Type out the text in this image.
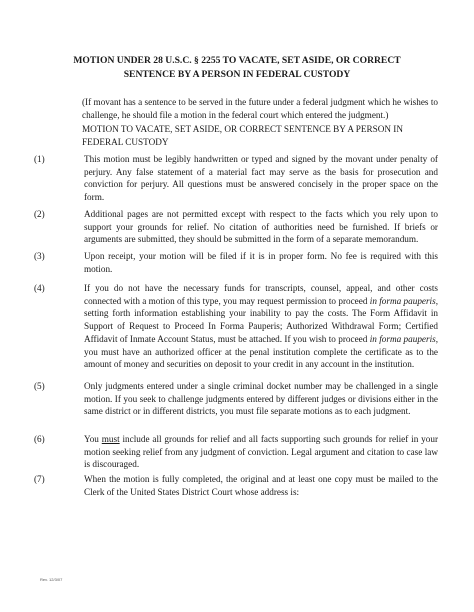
MOTION UNDER 28 U.S.C. § 2255 TO VACATE, SET ASIDE, OR CORRECT
SENTENCE BY A PERSON IN FEDERAL CUSTODY
(If movant has a sentence to be served in the future under a federal judgment which he wishes to challenge, he should file a motion in the federal court which entered the judgment.)
MOTION TO VACATE, SET ASIDE, OR CORRECT SENTENCE BY A PERSON IN FEDERAL CUSTODY
(1)	This motion must be legibly handwritten or typed and signed by the movant under penalty of perjury. Any false statement of a material fact may serve as the basis for prosecution and conviction for perjury. All questions must be answered concisely in the proper space on the form.
(2)	Additional pages are not permitted except with respect to the facts which you rely upon to support your grounds for relief. No citation of authorities need be furnished. If briefs or arguments are submitted, they should be submitted in the form of a separate memorandum.
(3)	Upon receipt, your motion will be filed if it is in proper form. No fee is required with this motion.
(4)	If you do not have the necessary funds for transcripts, counsel, appeal, and other costs connected with a motion of this type, you may request permission to proceed in forma pauperis, setting forth information establishing your inability to pay the costs. The Form Affidavit in Support of Request to Proceed In Forma Pauperis; Authorized Withdrawal Form; Certified Affidavit of Inmate Account Status, must be attached. If you wish to proceed in forma pauperis, you must have an authorized officer at the penal institution complete the certificate as to the amount of money and securities on deposit to your credit in any account in the institution.
(5)	Only judgments entered under a single criminal docket number may be challenged in a single motion. If you seek to challenge judgments entered by different judges or divisions either in the same district or in different districts, you must file separate motions as to each judgment.
(6)	You must include all grounds for relief and all facts supporting such grounds for relief in your motion seeking relief from any judgment of conviction. Legal argument and citation to case law is discouraged.
(7)	When the motion is fully completed, the original and at least one copy must be mailed to the Clerk of the United States District Court whose address is:
Rev. 12/3/07
